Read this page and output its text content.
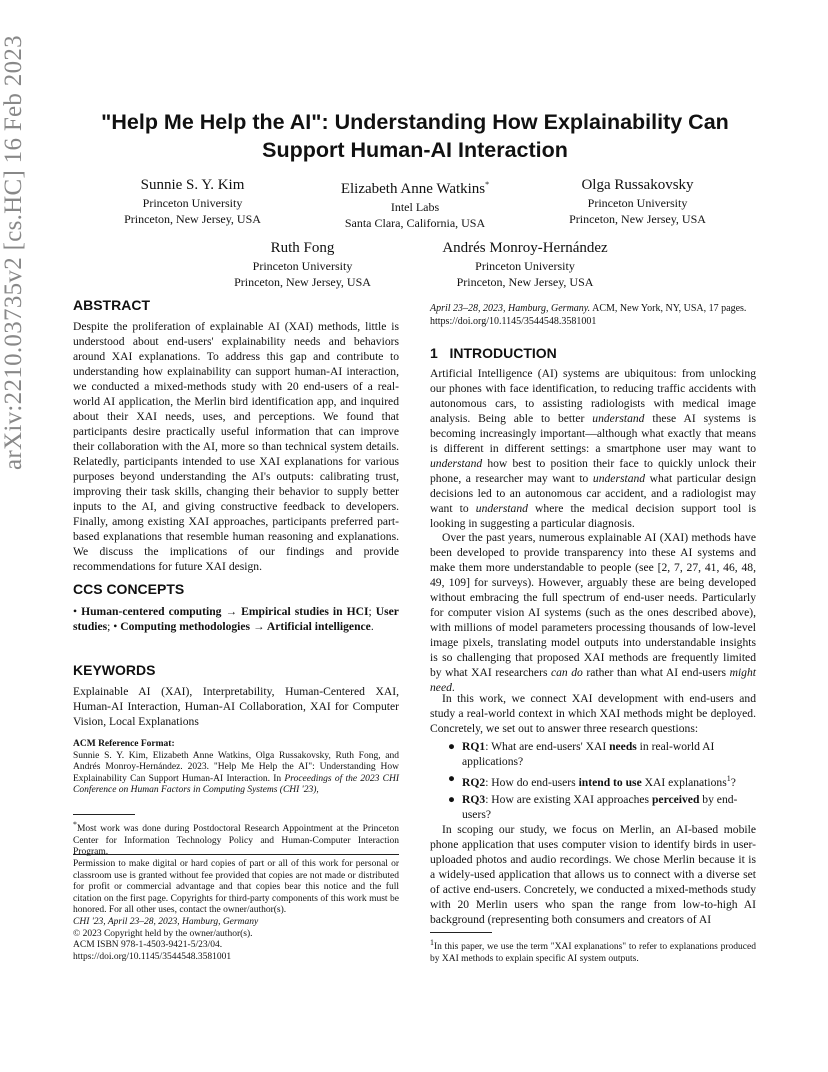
arXiv:2210.03735v2 [cs.HC] 16 Feb 2023	"Help Me Help the AI": Understanding How Explainability Can
Support Human-AI Interaction
Sunnie S. Y. Kim
Princeton University
Princeton, New Jersey, USA
Elizabeth Anne Watkins*
Intel Labs
Santa Clara, California, USA
Olga Russakovsky
Princeton University
Princeton, New Jersey, USA
Ruth Fong
Princeton University
Princeton, New Jersey, USA
Andrés Monroy-Hernández
Princeton University
Princeton, New Jersey, USA
ABSTRACT

Despite the proliferation of explainable AI (XAI) methods, little is understood about end-users' explainability needs and behaviors around XAI explanations. To address this gap and contribute to understanding how explainability can support human-AI interaction, we conducted a mixed-methods study with 20 end-users of a real-world AI application, the Merlin bird identification app, and inquired about their XAI needs, uses, and perceptions. We found that participants desire practically useful information that can improve their collaboration with the AI, more so than technical system details. Relatedly, participants intended to use XAI explanations for various purposes beyond understanding the AI's outputs: calibrating trust, improving their task skills, changing their behavior to supply better inputs to the AI, and giving constructive feedback to developers. Finally, among existing XAI approaches, participants preferred part-based explanations that resemble human reasoning and explanations. We discuss the implications of our findings and provide recommendations for future XAI design.

CCS CONCEPTS

• Human-centered computing → Empirical studies in HCI; User studies; • Computing methodologies → Artificial intelligence.

KEYWORDS

Explainable AI (XAI), Interpretability, Human-Centered XAI, Human-AI Interaction, Human-AI Collaboration, XAI for Computer Vision, Local Explanations

ACM Reference Format:
Sunnie S. Y. Kim, Elizabeth Anne Watkins, Olga Russakovsky, Ruth Fong, and Andrés Monroy-Hernández. 2023. "Help Me Help the AI": Understanding How Explainability Can Support Human-AI Interaction. In Proceedings of the 2023 CHI Conference on Human Factors in Computing Systems (CHI '23),
*Most work was done during Postdoctoral Research Appointment at the Princeton Center for Information Technology Policy and Human-Computer Interaction Program.
Permission to make digital or hard copies of part or all of this work for personal or classroom use is granted without fee provided that copies are not made or distributed for profit or commercial advantage and that copies bear this notice and the full citation on the first page. Copyrights for third-party components of this work must be honored. For all other uses, contact the owner/author(s).
CHI '23, April 23–28, 2023, Hamburg, Germany
© 2023 Copyright held by the owner/author(s).
ACM ISBN 978-1-4503-9421-5/23/04.
https://doi.org/10.1145/3544548.3581001
April 23–28, 2023, Hamburg, Germany. ACM, New York, NY, USA, 17 pages.
https://doi.org/10.1145/3544548.3581001
1   INTRODUCTION

Artificial Intelligence (AI) systems are ubiquitous: from unlocking our phones with face identification, to reducing traffic accidents with autonomous cars, to assisting radiologists with medical image analysis. Being able to better understand these AI systems is becoming increasingly important—although what exactly that means is different in different settings: a smartphone user may want to understand how best to position their face to quickly unlock their phone, a researcher may want to understand what particular design decisions led to an autonomous car accident, and a radiologist may want to understand where the medical decision support tool is looking in suggesting a particular diagnosis.

Over the past years, numerous explainable AI (XAI) methods have been developed to provide transparency into these AI systems and make them more understandable to people (see [2, 7, 27, 41, 46, 48, 49, 109] for surveys). However, arguably these are being developed without embracing the full spectrum of end-user needs. Particularly for computer vision AI systems (such as the ones described above), with millions of model parameters processing thousands of low-level image pixels, translating model outputs into understandable insights is so challenging that proposed XAI methods are frequently limited by what XAI researchers can do rather than what AI end-users might need.

In this work, we connect XAI development with end-users and study a real-world context in which XAI methods might be deployed. Concretely, we set out to answer three research questions:

● RQ1: What are end-users' XAI needs in real-world AI applications?
● RQ2: How do end-users intend to use XAI explanations$^1$?
● RQ3: How are existing XAI approaches perceived by end-users?

In scoping our study, we focus on Merlin, an AI-based mobile phone application that uses computer vision to identify birds in user-uploaded photos and audio recordings. We chose Merlin because it is a widely-used application that allows us to connect with a diverse set of active end-users. Concretely, we conducted a mixed-methods study with 20 Merlin users who span the range from low-to-high AI background (representing both consumers and creators of AI

$^1$In this paper, we use the term "XAI explanations" to refer to explanations produced by XAI methods to explain specific AI system outputs.
